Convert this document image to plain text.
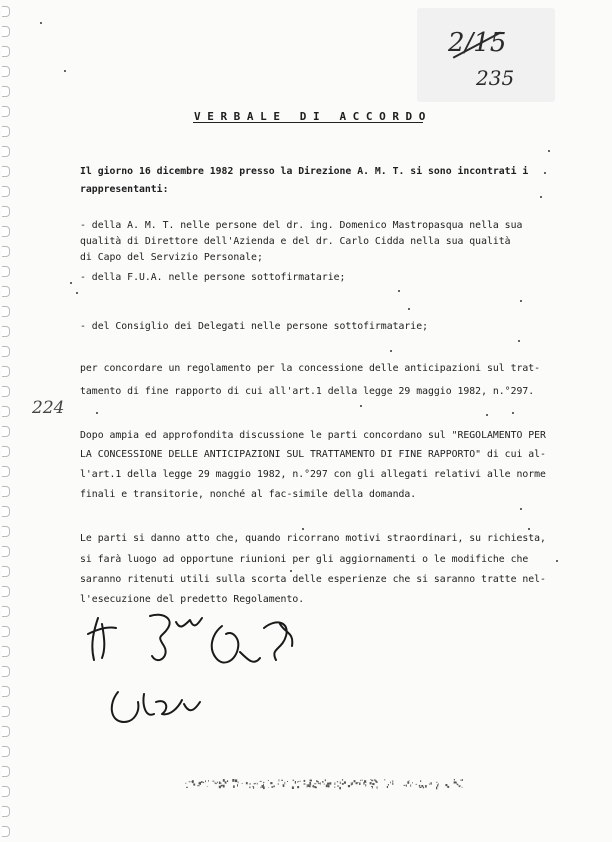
2/15
235
224
VERBALE DI ACCORDO
Il giorno 16 dicembre 1982 presso la Direzione A. M. T. si sono incontrati i
rappresentanti:
- della A. M. T. nelle persone del dr. ing. Domenico Mastropasqua nella sua
qualità di Direttore dell'Azienda e del dr. Carlo Cidda nella sua qualità
di Capo del Servizio Personale;
- della F.U.A. nelle persone sottofirmatarie;
- del Consiglio dei Delegati nelle persone sottofirmatarie;
per concordare un regolamento per la concessione delle anticipazioni sul trat-
tamento di fine rapporto di cui all'art.1 della legge 29 maggio 1982, n.°297.
Dopo ampia ed approfondita discussione le parti concordano sul "REGOLAMENTO PER
LA CONCESSIONE DELLE ANTICIPAZIONI SUL TRATTAMENTO DI FINE RAPPORTO" di cui al-
l'art.1 della legge 29 maggio 1982, n.°297 con gli allegati relativi alle norme
finali e transitorie, nonché al fac-simile della domanda.
Le parti si danno atto che, quando ricorrano motivi straordinari, su richiesta,
si farà luogo ad opportune riunioni per gli aggiornamenti o le modifiche che
saranno ritenuti utili sulla scorta delle esperienze che si saranno tratte nel-
l'esecuzione del predetto Regolamento.
